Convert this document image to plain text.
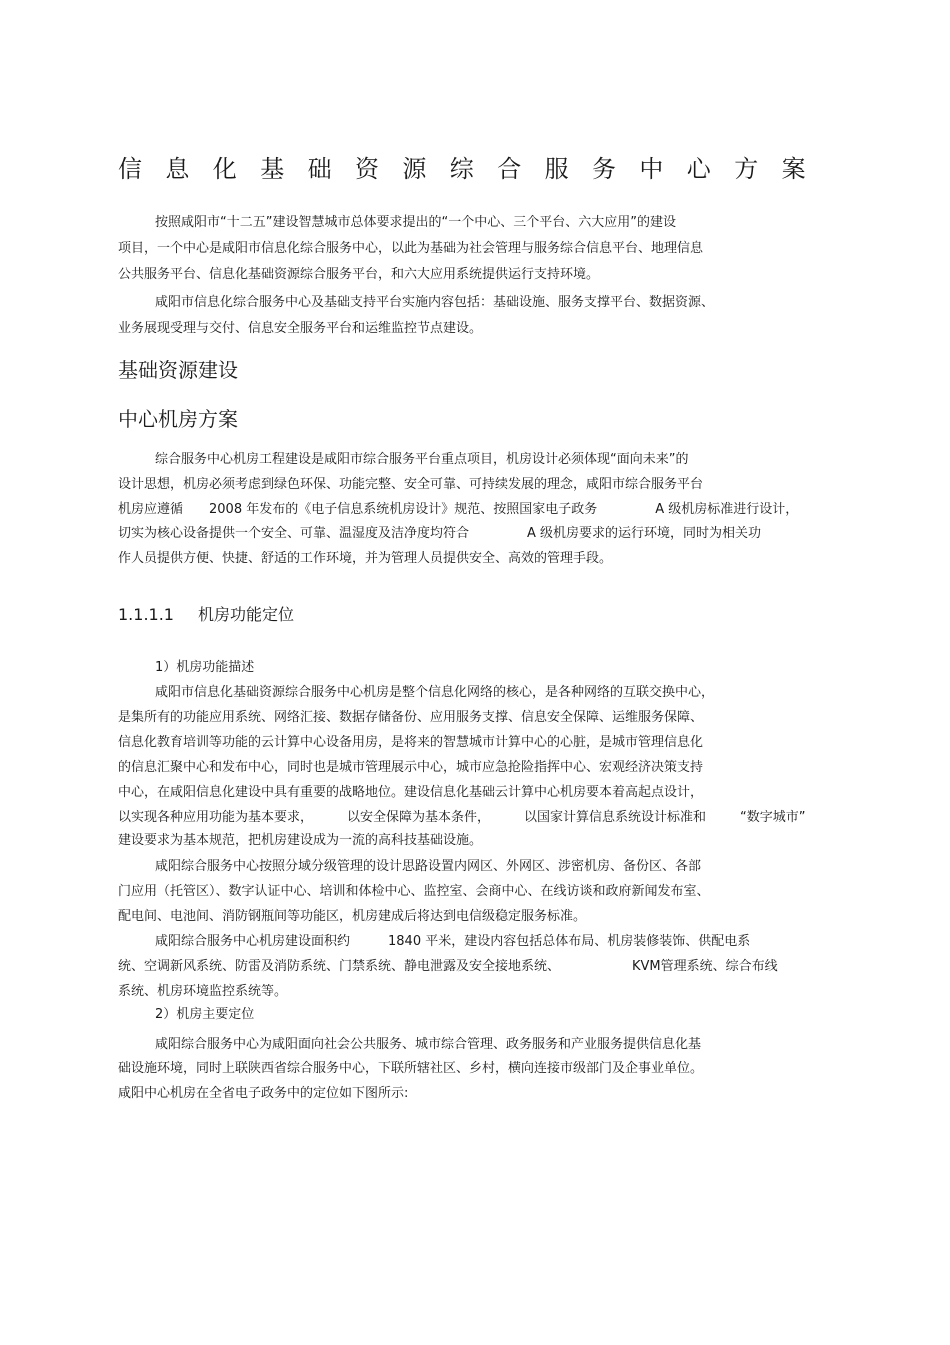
信息化基础资源综合服务中心方案

按照咸阳市“十二五”建设智慧城市总体要求提出的“一个中心、三个平台、六大应用”的建设

项目，一个中心是咸阳市信息化综合服务中心，以此为基础为社会管理与服务综合信息平台、地理信息

公共服务平台、信息化基础资源综合服务平台，和六大应用系统提供运行支持环境。

咸阳市信息化综合服务中心及基础支持平台实施内容包括：基础设施、服务支撑平台、数据资源、

业务展现受理与交付、信息安全服务平台和运维监控节点建设。

基础资源建设
中心机房方案

综合服务中心机房工程建设是咸阳市综合服务平台重点项目，机房设计必须体现“面向未来”的

设计思想，机房必须考虑到绿色环保、功能完整、安全可靠、可持续发展的理念，咸阳市综合服务平台

机房应遵循 2008 年发布的《电子信息系统机房设计》规范、按照国家电子政务	A 级机房标准进行设计，

切实为核心设备提供一个安全、可靠、温湿度及洁净度均符合	A 级机房要求的运行环境，同时为相关功

作人员提供方便、快捷、舒适的工作环境，并为管理人员提供安全、高效的管理手段。

1.1.1.1 机房功能定位

1）机房功能描述

咸阳市信息化基础资源综合服务中心机房是整个信息化网络的核心，是各种网络的互联交换中心，

是集所有的功能应用系统、网络汇接、数据存储备份、应用服务支撑、信息安全保障、运维服务保障、

信息化教育培训等功能的云计算中心设备用房，是将来的智慧城市计算中心的心脏，是城市管理信息化

的信息汇聚中心和发布中心，同时也是城市管理展示中心，城市应急抢险指挥中心、宏观经济决策支持

中心，在咸阳信息化建设中具有重要的战略地位。建设信息化基础云计算中心机房要本着高起点设计，

以实现各种应用功能为基本要求，	以安全保障为基本条件，	以国家计算信息系统设计标准和	“数字城市”

建设要求为基本规范，把机房建设成为一流的高科技基础设施。

咸阳综合服务中心按照分域分级管理的设计思路设置内网区、外网区、涉密机房、备份区、各部

门应用（托管区）、数字认证中心、培训和体检中心、监控室、会商中心、在线访谈和政府新闻发布室、

配电间、电池间、消防钢瓶间等功能区，机房建成后将达到电信级稳定服务标准。

咸阳综合服务中心机房建设面积约	1840 平米，建设内容包括总体布局、机房装修装饰、供配电系

统、空调新风系统、防雷及消防系统、门禁系统、静电泄露及安全接地系统、	KVM管理系统、综合布线

系统、机房环境监控系统等。

2）机房主要定位

咸阳综合服务中心为咸阳面向社会公共服务、城市综合管理、政务服务和产业服务提供信息化基

础设施环境，同时上联陕西省综合服务中心，下联所辖社区、乡村，横向连接市级部门及企事业单位。

咸阳中心机房在全省电子政务中的定位如下图所示:
